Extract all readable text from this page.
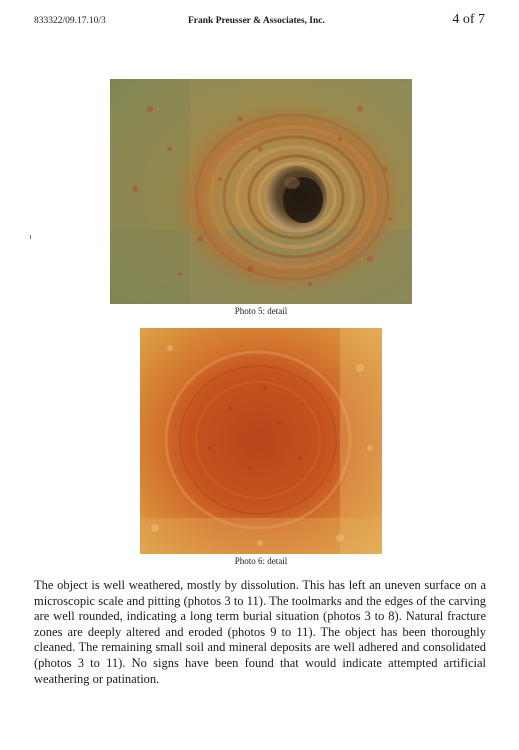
833322/09.17.10/3	Frank Preusser & Associates, Inc.	4 of 7
Photo 5: detail
Photo 6: detail

The object is well weathered, mostly by dissolution. This has left an uneven surface on a microscopic scale and pitting (photos 3 to 11). The toolmarks and the edges of the carving are well rounded, indicating a long term burial situation (photos 3 to 8). Natural fracture zones are deeply altered and eroded (photos 9 to 11). The object has been thoroughly cleaned. The remaining small soil and mineral deposits are well adhered and consolidated (photos 3 to 11). No signs have been found that would indicate attempted artificial weathering or patination.
